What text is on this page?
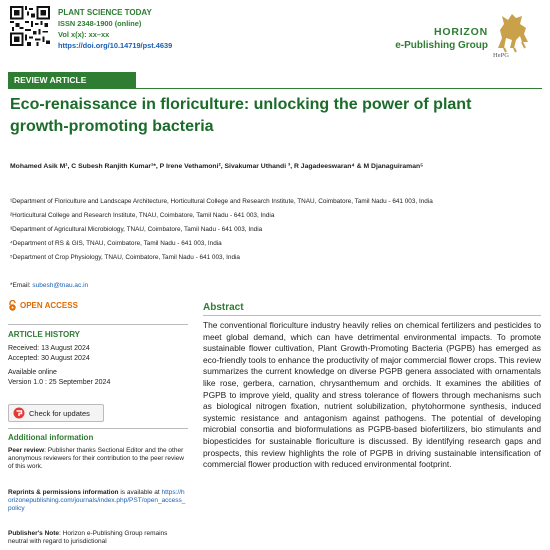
PLANT SCIENCE TODAY
ISSN 2348-1900 (online)
Vol x(x): xx–xx
https://doi.org/10.14719/pst.4639
HORIZON
e-Publishing Group
HePG
REVIEW ARTICLE
Eco-renaissance in floriculture: unlocking the power of plant growth-promoting bacteria
Mohamed Asik M¹, C Subesh Ranjith Kumar¹*, P Irene Vethamoni², Sivakumar Uthandi ³, R Jagadeeswaran⁴ & M Djanaguiraman⁵
¹Department of Floriculture and Landscape Architecture, Horticultural College and Research Institute, TNAU, Coimbatore, Tamil Nadu - 641 003, India
²Horticultural College and Research Institute, TNAU, Coimbatore, Tamil Nadu - 641 003, India
³Department of Agricultural Microbiology, TNAU, Coimbatore, Tamil Nadu - 641 003, India
⁴Department of RS & GIS, TNAU, Coimbatore, Tamil Nadu - 641 003, India
⁵Department of Crop Physiology, TNAU, Coimbatore, Tamil Nadu - 641 003, India
*Email: subesh@tnau.ac.in
OPEN ACCESS
ARTICLE HISTORY
Received: 13 August 2024
Accepted: 30 August 2024
Available online
Version 1.0 : 25 September 2024
Check for updates
Additional information
Peer review: Publisher thanks Sectional Editor and the other anonymous reviewers for their contribution to the peer review of this work.
Reprints & permissions information is available at https://horizonepublishing.com/journals/index.php/PST/open_access_policy
Publisher's Note: Horizon e-Publishing Group remains neutral with regard to jurisdictional
Abstract
The conventional floriculture industry heavily relies on chemical fertilizers and pesticides to meet global demand, which can have detrimental environmental impacts. To promote sustainable flower cultivation, Plant Growth-Promoting Bacteria (PGPB) has emerged as eco-friendly tools to enhance the productivity of major commercial flower crops. This review summarizes the current knowledge on diverse PGPB genera associated with ornamentals like rose, gerbera, carnation, chrysanthemum and orchids. It examines the abilities of PGPB to improve yield, quality and stress tolerance of flowers through mechanisms such as biological nitrogen fixation, nutrient solubilization, phytohormone synthesis, induced systemic resistance and antagonism against pathogens. The potential of developing microbial consortia and bioformulations as PGPB-based biofertilizers, bio stimulants and biopesticides for sustainable floriculture is discussed. By identifying research gaps and prospects, this review highlights the role of PGPB in driving sustainable intensification of commercial flower production with reduced environmental footprint.
